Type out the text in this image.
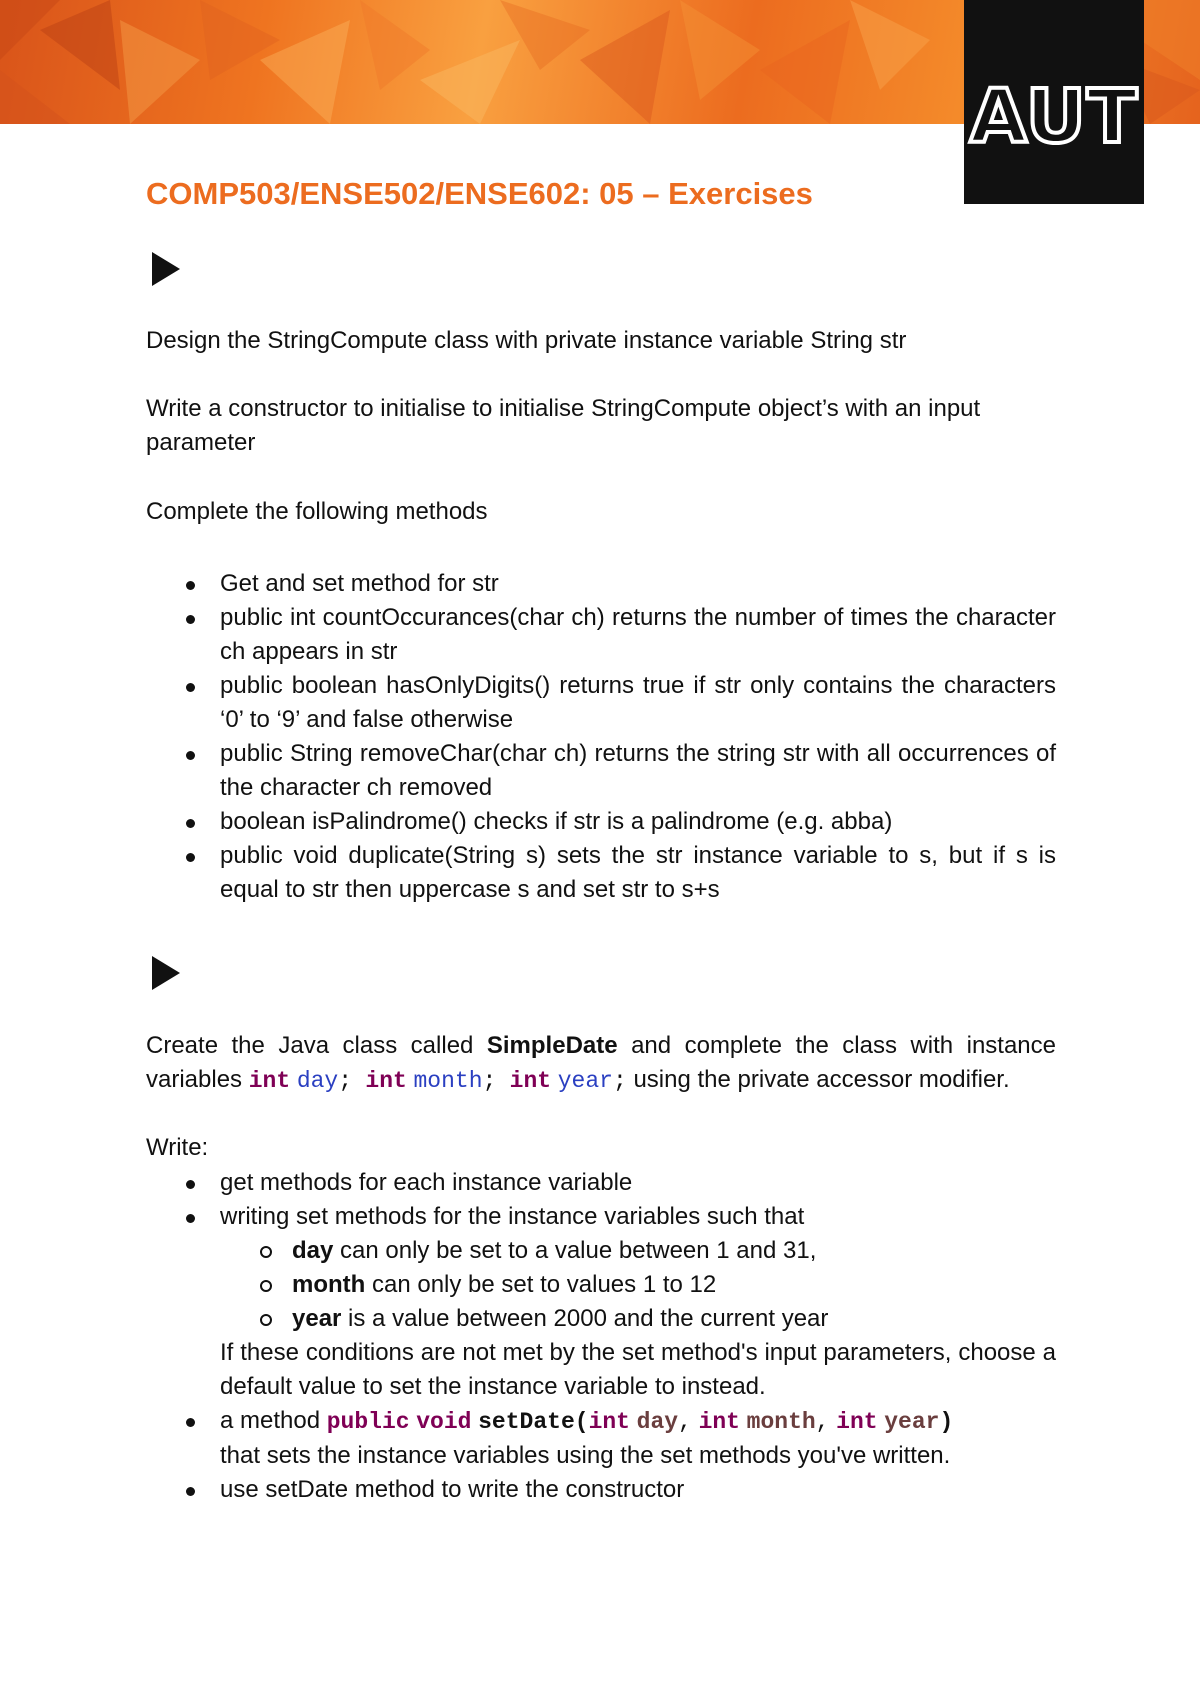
AUT
COMP503/ENSE502/ENSE602: 05 – Exercises

Design the StringCompute class with private instance variable String str

Write a constructor to initialise to initialise StringCompute object’s with an input parameter

Complete the following methods

Get and set method for str
public int countOccurances(char ch) returns the number of times the character ch appears in str
public boolean hasOnlyDigits() returns true if str only contains the characters ‘0’ to ‘9’ and false otherwise
public String removeChar(char ch) returns the string str with all occurrences of the character ch removed
boolean isPalindrome() checks if str is a palindrome (e.g. abba)
public void duplicate(String s) sets the str instance variable to s, but if s is equal to str then uppercase s and set str to s+s

Create the Java class called SimpleDate and complete the class with instance variables int day; int month; int year; using the private accessor modifier.

Write:

get methods for each instance variable
writing set methods for the instance variables such that
day can only be set to a value between 1 and 31,
month can only be set to values 1 to 12
year is a value between 2000 and the current year
If these conditions are not met by the set method's input parameters, choose a default value to set the instance variable to instead.
a method public void setDate(int day, int month, int year)
that sets the instance variables using the set methods you've written.
use setDate method to write the constructor
